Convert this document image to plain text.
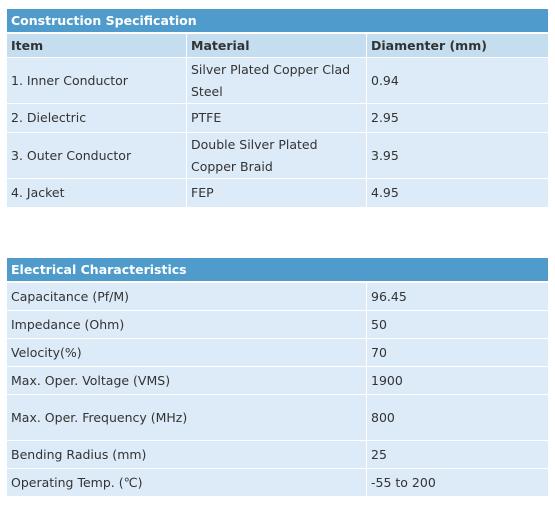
Construction Specification		
Item	Material	Diamenter (mm)
1. Inner Conductor	Silver Plated Copper Clad Steel	0.94
2. Dielectric	PTFE	2.95
3. Outer Conductor	Double Silver Plated Copper Braid	3.95
4. Jacket	FEP	4.95
Electrical Characteristics	
Capacitance (Pf/M)	96.45
Impedance (Ohm)	50
Velocity(%)	70
Max. Oper. Voltage (VMS)	1900
Max. Oper. Frequency (MHz)	800
Bending Radius (mm)	25
Operating Temp. (℃)	-55 to 200
